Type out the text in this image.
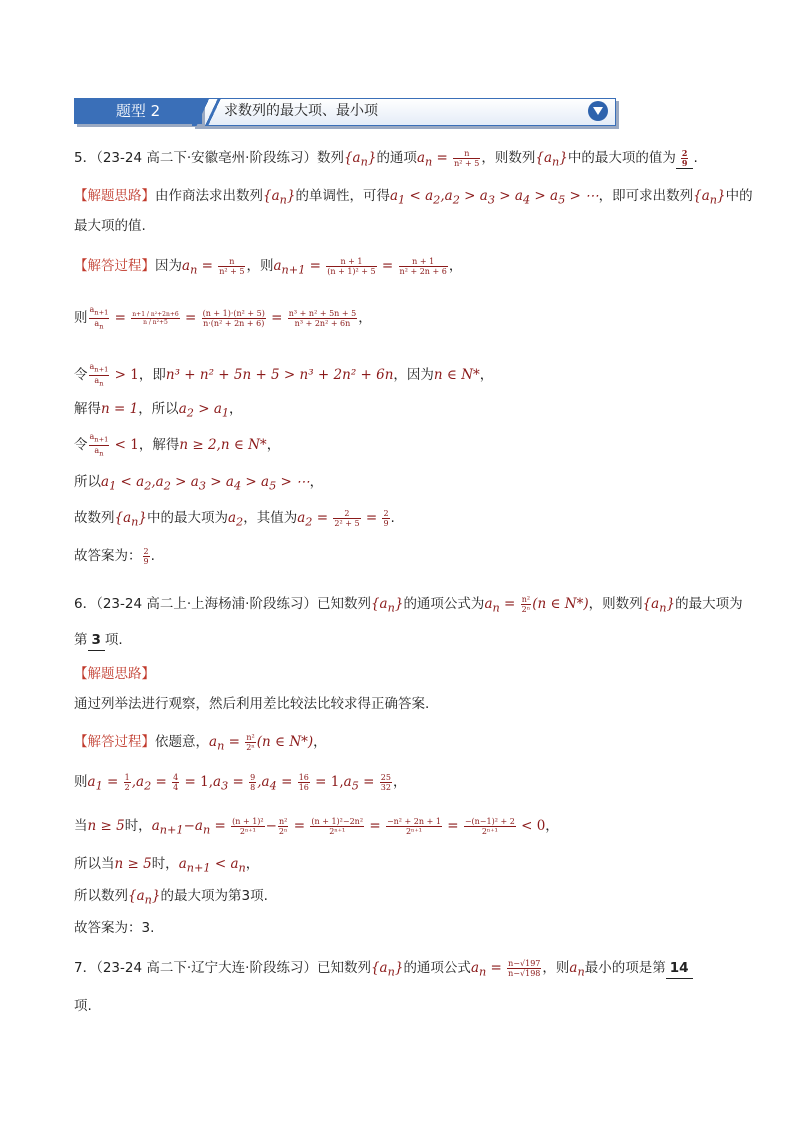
题型 2	求数列的最大项、最小项
5．（23-24 高二下·安徽亳州·阶段练习）数列$\{a_n\}$的通项$a_n = \frac{n}{\text{n² + 5}}$ ，则数列$\{a_n\}$中的最大项的值为 $\frac{2}{9}$ .
【解题思路】由作商法求出数列$\{a_n\}$的单调性，可得$a_1 < a_2,a_2 > a_3 > a_4 > a_5$ > ⋯，即可求出数列$\{a_n\}$中的
最大项的值.
【解答过程】因为$a_n = \frac{n}{\text{n² + 5}}$ ，则$a_{n+1} = \frac{n + 1}{\text{(n + 1)² + 5}} = \frac{n + 1}{\text{n² + 2n + 6}}$ ，
则 $\frac{a_{n+1}}{a_n} = \frac{\text{n+1 / n²+2n+6}}{\text{n / n²+5}} = \frac{\text{(n + 1)·(n² + 5)}}{\text{n·(n² + 2n + 6)}} = \frac{\text{n³ + n² + 5n + 5}}{\text{n³ + 2n² + 6n}}$ ，
令 $\frac{a_{n+1}}{a_n} > 1$，即n³ + n² + 5n + 5 > n³ + 2n² + 6n，因为n ∈ N*，
解得n = 1，所以$a_2 > a_1$，
令 $\frac{a_{n+1}}{a_n} < 1$，解得n ≥ 2,n ∈ N*，
所以$a_1 < a_2,a_2 > a_3 > a_4 > a_5$ > ⋯，
故数列$\{a_n\}$中的最大项为$a_2$，其值为$a_2 = \frac{2}{\text{2² + 5}} = \frac{2}{9}$ .
故答案为： $\frac{2}{9}$ .
6．（23-24 高二上·上海杨浦·阶段练习）已知数列$\{a_n\}$的通项公式为$a_n = \frac{\text{n²}}{\text{2ⁿ}} (n$ ∈ N*)，则数列$\{a_n\}$的最大项为
第 3 项.
【解题思路】
通过列举法进行观察，然后利用差比较法比较求得正确答案.
【解答过程】依题意，$a_n = \frac{\text{n²}}{\text{2ⁿ}} (n$ ∈ N*)，
则$a_1 = \frac{1}{2} ,a_2 = \frac{4}{4} = 1,a_3 = \frac{9}{8} ,a_4 = \frac{16}{16} = 1,a_5 = \frac{25}{32}$ ，
当n ≥ 5时，$a_{n+1}-a_n = \frac{\text{(n + 1)²}}{\text{2ⁿ⁺¹}} - \frac{\text{n²}}{\text{2ⁿ}} = \frac{\text{(n + 1)²−2n²}}{\text{2ⁿ⁺¹}} = \frac{\text{−n² + 2n + 1}}{\text{2ⁿ⁺¹}} = \frac{\text{−(n−1)² + 2}}{\text{2ⁿ⁺¹}} < 0$，
所以当n ≥ 5时，$a_{n+1} < a_n$，
所以数列$\{a_n\}$的最大项为第3项.
故答案为：3.
7．（23-24 高二下·辽宁大连·阶段练习）已知数列$\{a_n\}$的通项公式$a_n = \frac{n-√197}{n-√198}$ ，则$a_n$最小的项是第 14
项.
